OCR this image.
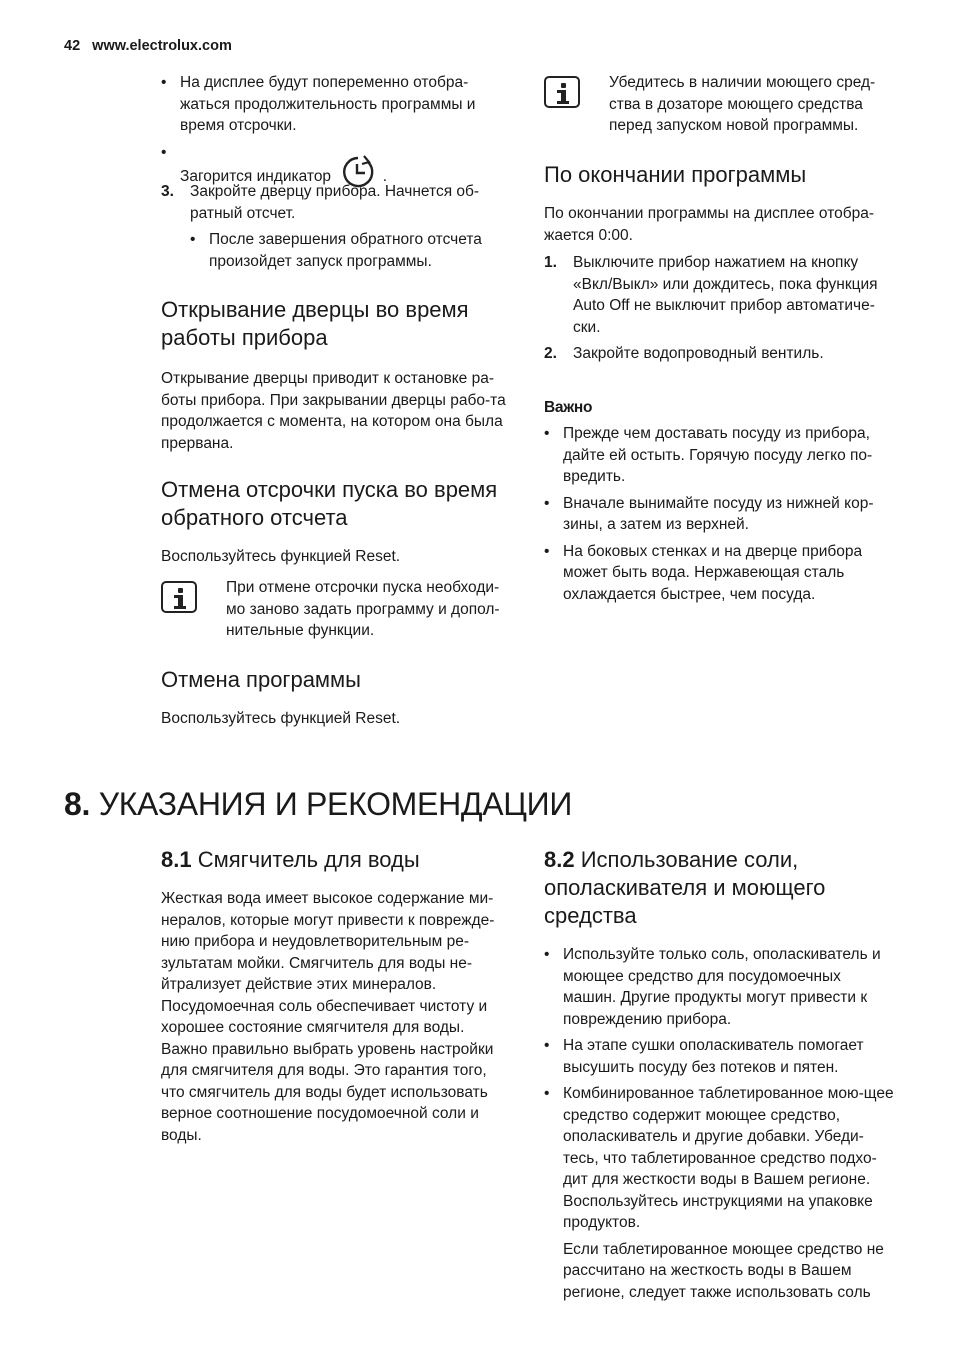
42 www.electrolux.com
• На дисплее будут попеременно отобра-жаться продолжительность программы и время отсрочки.
• Загорится индикатор	.
3. Закройте дверцу прибора. Начнется об-ратный отсчет.
• После завершения обратного отсчета произойдет запуск программы.
Открывание дверцы во время работы прибора

Открывание дверцы приводит к остановке ра-боты прибора. При закрывании дверцы рабо-та продолжается с момента, на котором она была прервана.

Отмена отсрочки пуска во время обратного отсчета

Воспользуйтесь функцией Reset.

При отмене отсрочки пуска необходи-мо заново задать программу и допол-нительные функции.

Отмена программы

Воспользуйтесь функцией Reset.

Убедитесь в наличии моющего сред-ства в дозаторе моющего средства перед запуском новой программы.

По окончании программы

По окончании программы на дисплее отобра-жается 0:00.

1. Выключите прибор нажатием на кнопку «Вкл/Выкл» или дождитесь, пока функция Auto Off не выключит прибор автоматиче-ски.
2. Закройте водопроводный вентиль.
Важно
• Прежде чем доставать посуду из прибора, дайте ей остыть. Горячую посуду легко по-вредить.
• Вначале вынимайте посуду из нижней кор-зины, а затем из верхней.
• На боковых стенках и на дверце прибора может быть вода. Нержавеющая сталь охлаждается быстрее, чем посуда.
8. УКАЗАНИЯ И РЕКОМЕНДАЦИИ
8.1 Смягчитель для воды

Жесткая вода имеет высокое содержание ми-нералов, которые могут привести к поврежде-нию прибора и неудовлетворительным ре-зультатам мойки. Смягчитель для воды не-йтрализует действие этих минералов. Посудомоечная соль обеспечивает чистоту и хорошее состояние смягчителя для воды. Важно правильно выбрать уровень настройки для смягчителя для воды. Это гарантия того, что смягчитель для воды будет использовать верное соотношение посудомоечной соли и воды.

8.2 Использование соли, ополаскивателя и моющего средства
• Используйте только соль, ополаскиватель и моющее средство для посудомоечных машин. Другие продукты могут привести к повреждению прибора.
• На этапе сушки ополаскиватель помогает высушить посуду без потеков и пятен.
• Комбинированное таблетированное мою-щее средство содержит моющее средство, ополаскиватель и другие добавки. Убеди-тесь, что таблетированное средство подхо-дит для жесткости воды в Вашем регионе. Воспользуйтесь инструкциями на упаковке продуктов.

Если таблетированное моющее средство не рассчитано на жесткость воды в Вашем регионе, следует также использовать соль
